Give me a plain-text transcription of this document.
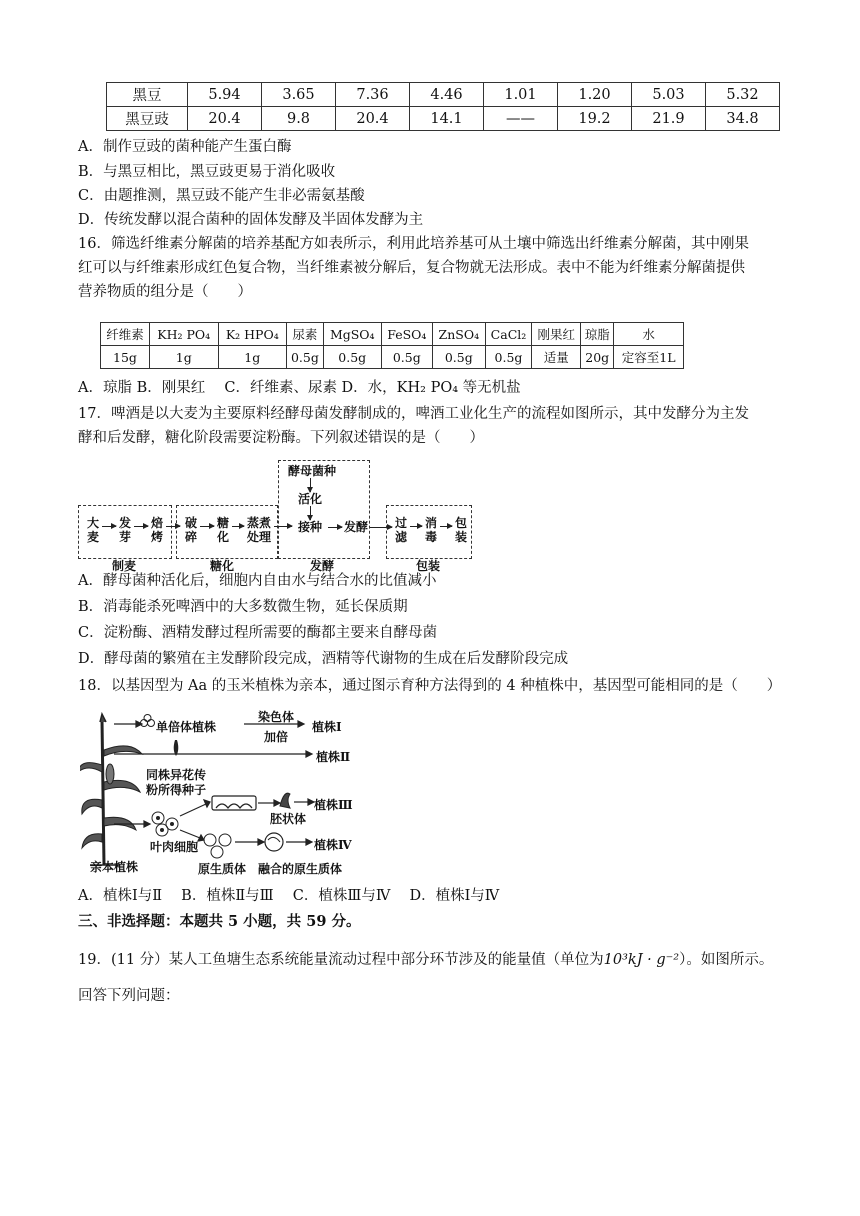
黑豆	5.94	3.65	7.36	4.46	1.01	1.20	5.03	5.32
黑豆豉	20.4	9.8	20.4	14.1	——	19.2	21.9	34.8
A．制作豆豉的菌种能产生蛋白酶
B．与黑豆相比，黑豆豉更易于消化吸收
C．由题推测，黑豆豉不能产生非必需氨基酸
D．传统发酵以混合菌种的固体发酵及半固体发酵为主
16．筛选纤维素分解菌的培养基配方如表所示，利用此培养基可从土壤中筛选出纤维素分解菌，其中刚果
红可以与纤维素形成红色复合物，当纤维素被分解后，复合物就无法形成。表中不能为纤维素分解菌提供
营养物质的组分是（　　）
纤维素	KH₂ PO₄	K₂ HPO₄	尿素	MgSO₄	FeSO₄	ZnSO₄	CaCl₂	刚果红	琼脂	水
15g	1g	1g	0.5g	0.5g	0.5g	0.5g	0.5g	适量	20g	定容至1L
A．琼脂 B．刚果红　 C．纤维素、尿素 D．水，KH₂ PO₄ 等无机盐
17．啤酒是以大麦为主要原料经酵母菌发酵制成的，啤酒工业化生产的流程如图所示，其中发酵分为主发
酵和后发酵，糖化阶段需要淀粉酶。下列叙述错误的是（　　）
大
麦
发
芽
焙
烤
破
碎
糖
化
蒸煮
处理
酵母菌种
活化
接种	发酵 过
滤
消
毒
包
装
制麦	糖化	发酵	包装
A．酵母菌种活化后，细胞内自由水与结合水的比值减小
B．消毒能杀死啤酒中的大多数微生物，延长保质期
C．淀粉酶、酒精发酵过程所需要的酶都主要来自酵母菌
D．酵母菌的繁殖在主发酵阶段完成，酒精等代谢物的生成在后发酵阶段完成
18．以基因型为 Aa 的玉米植株为亲本，通过图示育种方法得到的 4 种植株中，基因型可能相同的是（　　）
单倍体植株
染色体
加倍
植株Ⅰ
植株Ⅱ
同株异花传
粉所得种子
植株Ⅲ
胚状体
植株Ⅳ
叶肉细胞
原生质体 融合的原生质体
亲本植株
A．植株Ⅰ与Ⅱ　 B．植株Ⅱ与Ⅲ　 C．植株Ⅲ与Ⅳ　 D．植株Ⅰ与Ⅳ
三、非选择题：本题共 5 小题，共 59 分。
19．(11 分）某人工鱼塘生态系统能量流动过程中部分环节涉及的能量值（单位为10³kJ · g⁻²）。如图所示。
回答下列问题：
